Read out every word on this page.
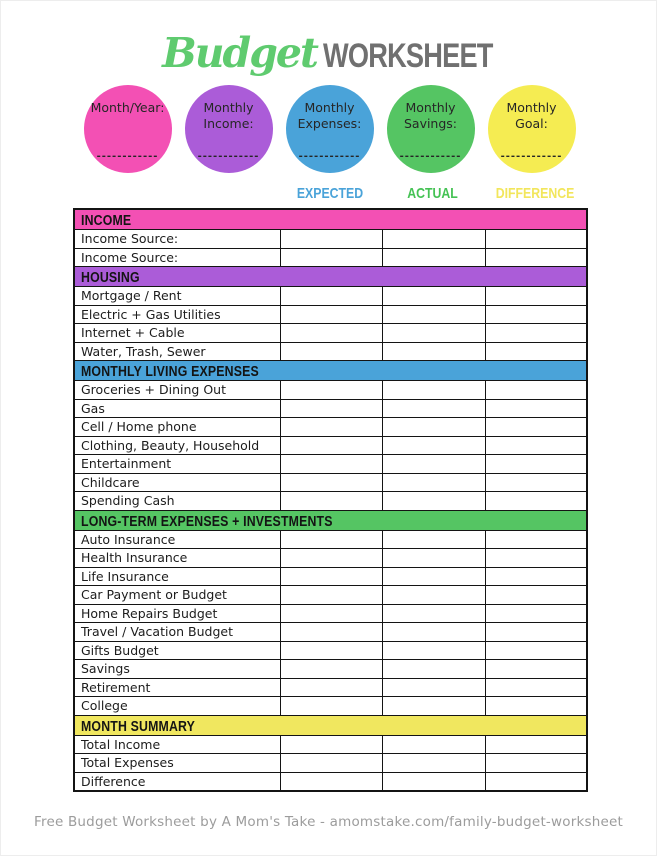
Budget WORKSHEET
Month/Year:
------------
Monthly
Income:
------------
Monthly
Expenses:
------------
Monthly
Savings:
------------
Monthly
Goal:
------------
EXPECTED	ACTUAL	DIFFERENCE
INCOME			
Income Source:			
Income Source:			
HOUSING			
Mortgage / Rent			
Electric + Gas Utilities			
Internet + Cable			
Water, Trash, Sewer			
MONTHLY LIVING EXPENSES			
Groceries + Dining Out			
Gas			
Cell / Home phone			
Clothing, Beauty, Household			
Entertainment			
Childcare			
Spending Cash			
LONG-TERM EXPENSES + INVESTMENTS			
Auto Insurance			
Health Insurance			
Life Insurance			
Car Payment or Budget			
Home Repairs Budget			
Travel / Vacation Budget			
Gifts Budget			
Savings			
Retirement			
College			
MONTH SUMMARY			
Total Income			
Total Expenses			
Difference			
Free Budget Worksheet by A Mom's Take - amomstake.com/family-budget-worksheet
